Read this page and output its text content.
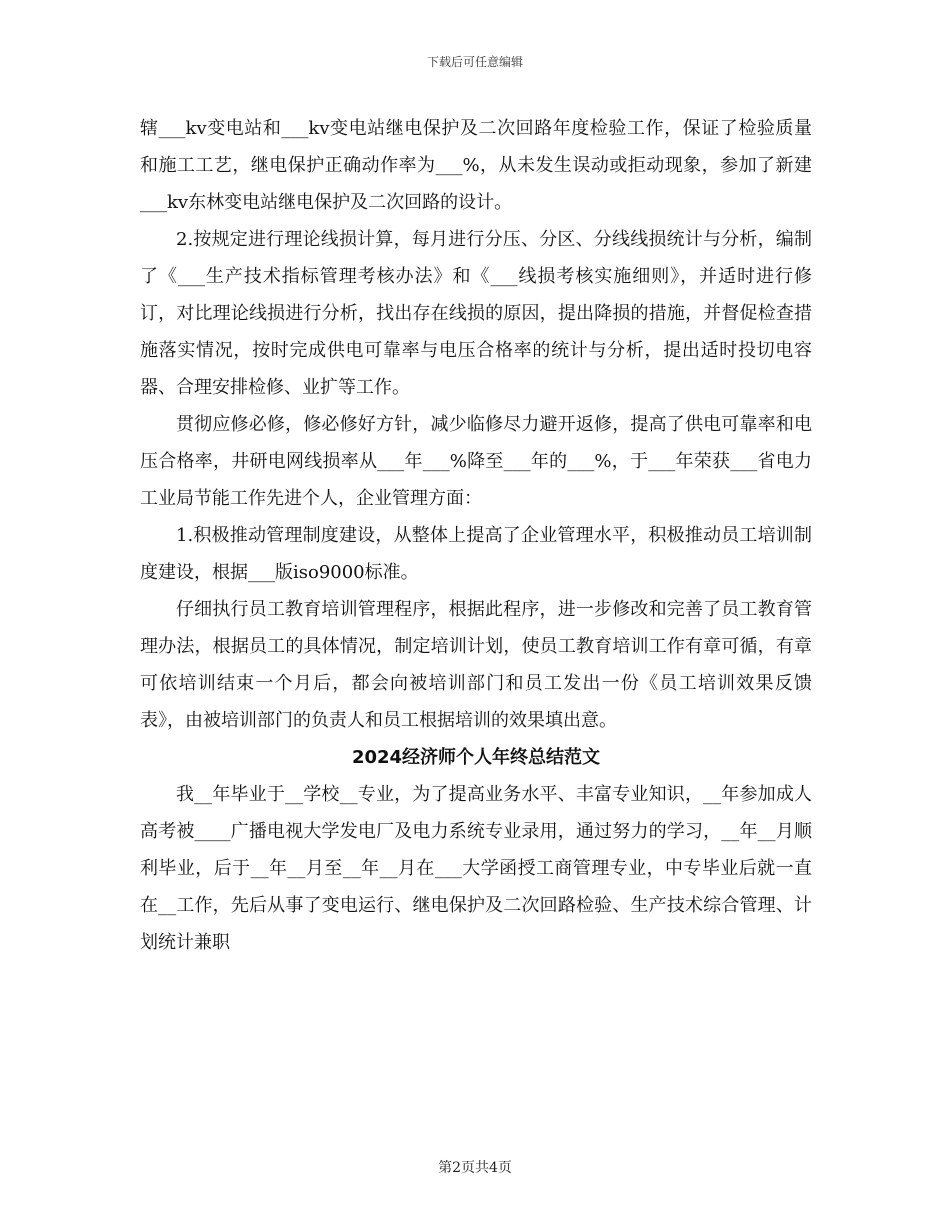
下载后可任意编辑

辖___kv变电站和___kv变电站继电保护及二次回路年度检验工作，保证了检验质量和施工工艺，继电保护正确动作率为___%，从未发生误动或拒动现象，参加了新建___kv东林变电站继电保护及二次回路的设计。

2.按规定进行理论线损计算，每月进行分压、分区、分线线损统计与分析，编制了《___生产技术指标管理考核办法》和《___线损考核实施细则》，并适时进行修订，对比理论线损进行分析，找出存在线损的原因，提出降损的措施，并督促检查措施落实情况，按时完成供电可靠率与电压合格率的统计与分析，提出适时投切电容器、合理安排检修、业扩等工作。

贯彻应修必修，修必修好方针，减少临修尽力避开返修，提高了供电可靠率和电压合格率，井研电网线损率从___年___%降至___年的___%，于___年荣获___省电力工业局节能工作先进个人，企业管理方面：

1.积极推动管理制度建设，从整体上提高了企业管理水平，积极推动员工培训制度建设，根据___版iso9000标准。

仔细执行员工教育培训管理程序，根据此程序，进一步修改和完善了员工教育管理办法，根据员工的具体情况，制定培训计划，使员工教育培训工作有章可循，有章可依培训结束一个月后，都会向被培训部门和员工发出一份《员工培训效果反馈表》，由被培训部门的负责人和员工根据培训的效果填出意。

2024经济师个人年终总结范文

我__年毕业于__学校__专业，为了提高业务水平、丰富专业知识，__年参加成人高考被____广播电视大学发电厂及电力系统专业录用，通过努力的学习，__年__月顺利毕业，后于__年__月至__年__月在___大学函授工商管理专业，中专毕业后就一直在__工作，先后从事了变电运行、继电保护及二次回路检验、生产技术综合管理、计划统计兼职

第2页共4页
